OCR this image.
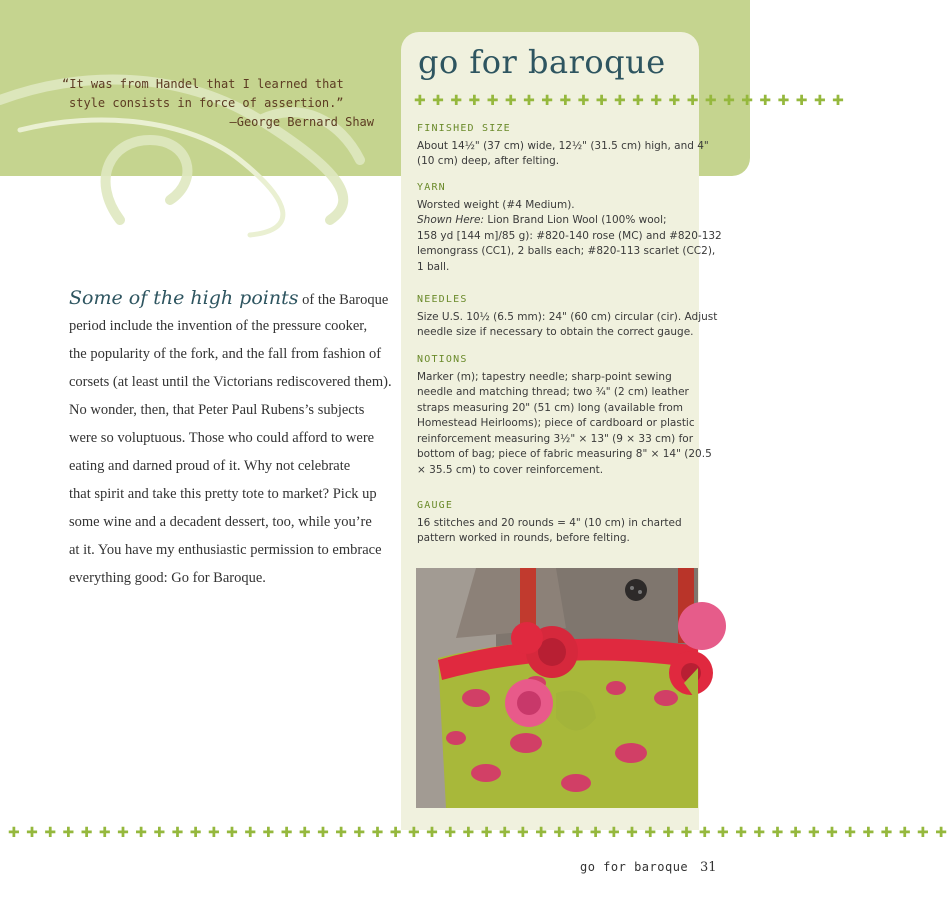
“It was from Handel that I learned that
style consists in force of assertion.”
—George Bernard Shaw
go for baroque
✚ ✚ ✚ ✚ ✚ ✚ ✚ ✚ ✚ ✚ ✚ ✚ ✚ ✚ ✚ ✚ ✚ ✚ ✚ ✚ ✚ ✚ ✚ ✚
FINISHED SIZE
About 14½" (37 cm) wide, 12½" (31.5 cm) high, and 4"
(10 cm) deep, after felting.
YARN
Worsted weight (#4 Medium).
Shown Here: Lion Brand Lion Wool (100% wool;
158 yd [144 m]/85 g): #820-140 rose (MC) and #820-132
lemongrass (CC1), 2 balls each; #820-113 scarlet (CC2),
1 ball.
NEEDLES
Size U.S. 10½ (6.5 mm): 24" (60 cm) circular (cir). Adjust
needle size if necessary to obtain the correct gauge.
NOTIONS
Marker (m); tapestry needle; sharp-point sewing
needle and matching thread; two ¾" (2 cm) leather
straps measuring 20" (51 cm) long (available from
Homestead Heirlooms); piece of cardboard or plastic
reinforcement measuring 3½" × 13" (9 × 33 cm) for
bottom of bag; piece of fabric measuring 8" × 14" (20.5
× 35.5 cm) to cover reinforcement.
GAUGE
16 stitches and 20 rounds = 4" (10 cm) in charted
pattern worked in rounds, before felting.
✚ ✚ ✚ ✚ ✚ ✚ ✚ ✚ ✚ ✚ ✚ ✚ ✚ ✚ ✚ ✚ ✚ ✚ ✚ ✚ ✚ ✚ ✚ ✚ ✚ ✚ ✚ ✚ ✚ ✚ ✚ ✚ ✚ ✚ ✚ ✚ ✚ ✚ ✚ ✚ ✚ ✚ ✚ ✚ ✚ ✚ ✚ ✚ ✚ ✚ ✚ ✚
Some of the high points of the Baroque
period include the invention of the pressure cooker,
the popularity of the fork, and the fall from fashion of
corsets (at least until the Victorians rediscovered them).
No wonder, then, that Peter Paul Rubens’s subjects
were so voluptuous. Those who could afford to were
eating and darned proud of it. Why not celebrate
that spirit and take this pretty tote to market? Pick up
some wine and a decadent dessert, too, while you’re
at it. You have my enthusiastic permission to embrace
everything good: Go for Baroque.
go for baroque 31
